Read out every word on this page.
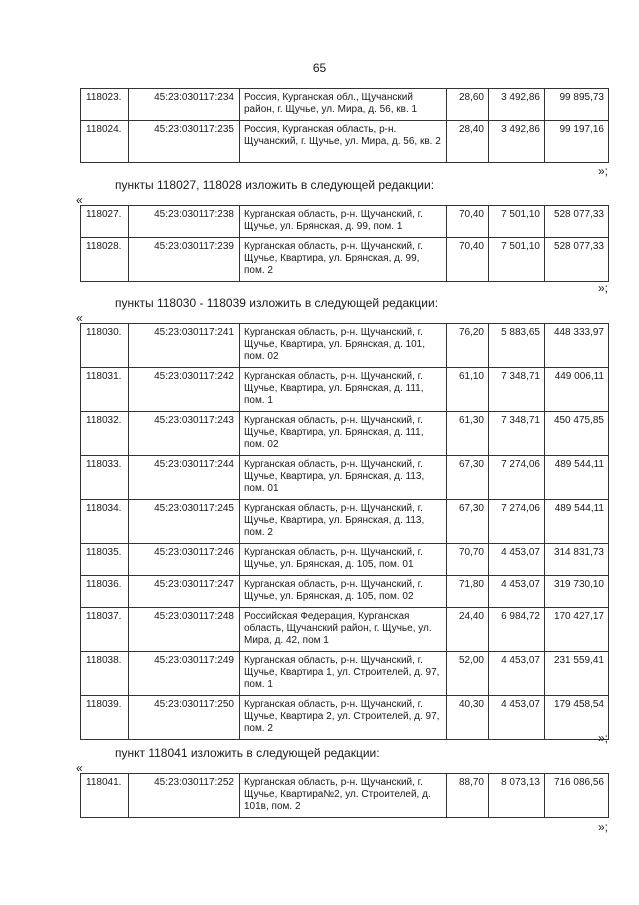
65
118023.	45:23:030117:234	Россия, Курганская обл., Щучанский район, г. Щучье, ул. Мира, д. 56, кв. 1	28,60	3 492,86	99 895,73
118024.	45:23:030117:235	Россия, Курганская область, р-н. Щучанский, г. Щучье, ул. Мира, д. 56, кв. 2	28,40	3 492,86	99 197,16
»;
пункты 118027, 118028 изложить в следующей редакции:
«
118027.	45:23:030117:238	Курганская область, р-н. Щучанский, г. Щучье, ул. Брянская, д. 99, пом. 1	70,40	7 501,10	528 077,33
118028.	45:23:030117:239	Курганская область, р-н. Щучанский, г. Щучье, Квартира, ул. Брянская, д. 99, пом. 2	70,40	7 501,10	528 077,33
»;
пункты 118030 - 118039 изложить в следующей редакции:
«
118030.	45:23:030117:241	Курганская область, р-н. Щучанский, г. Щучье, Квартира, ул. Брянская, д. 101, пом. 02	76,20	5 883,65	448 333,97
118031.	45:23:030117:242	Курганская область, р-н. Щучанский, г. Щучье, Квартира, ул. Брянская, д. 111, пом. 1	61,10	7 348,71	449 006,11
118032.	45:23:030117:243	Курганская область, р-н. Щучанский, г. Щучье, Квартира, ул. Брянская, д. 111, пом. 02	61,30	7 348,71	450 475,85
118033.	45:23:030117:244	Курганская область, р-н. Щучанский, г. Щучье, Квартира, ул. Брянская, д. 113, пом. 01	67,30	7 274,06	489 544,11
118034.	45:23:030117:245	Курганская область, р-н. Щучанский, г. Щучье, Квартира, ул. Брянская, д. 113, пом. 2	67,30	7 274,06	489 544,11
118035.	45:23:030117:246	Курганская область, р-н. Щучанский, г. Щучье, ул. Брянская, д. 105, пом. 01	70,70	4 453,07	314 831,73
118036.	45:23:030117:247	Курганская область, р-н. Щучанский, г. Щучье, ул. Брянская, д. 105, пом. 02	71,80	4 453,07	319 730,10
118037.	45:23:030117:248	Российская Федерация, Курганская область, Щучанский район, г. Щучье, ул. Мира, д. 42, пом 1	24,40	6 984,72	170 427,17
118038.	45:23:030117:249	Курганская область, р-н. Щучанский, г. Щучье, Квартира 1, ул. Строителей, д. 97, пом. 1	52,00	4 453,07	231 559,41
118039.	45:23:030117:250	Курганская область, р-н. Щучанский, г. Щучье, Квартира 2, ул. Строителей, д. 97, пом. 2	40,30	4 453,07	179 458,54
»;
пункт 118041 изложить в следующей редакции:
«
118041.	45:23:030117:252	Курганская область, р-н. Щучанский, г. Щучье, Квартира№2, ул. Строителей, д. 101в, пом. 2	88,70	8 073,13	716 086,56
»;
